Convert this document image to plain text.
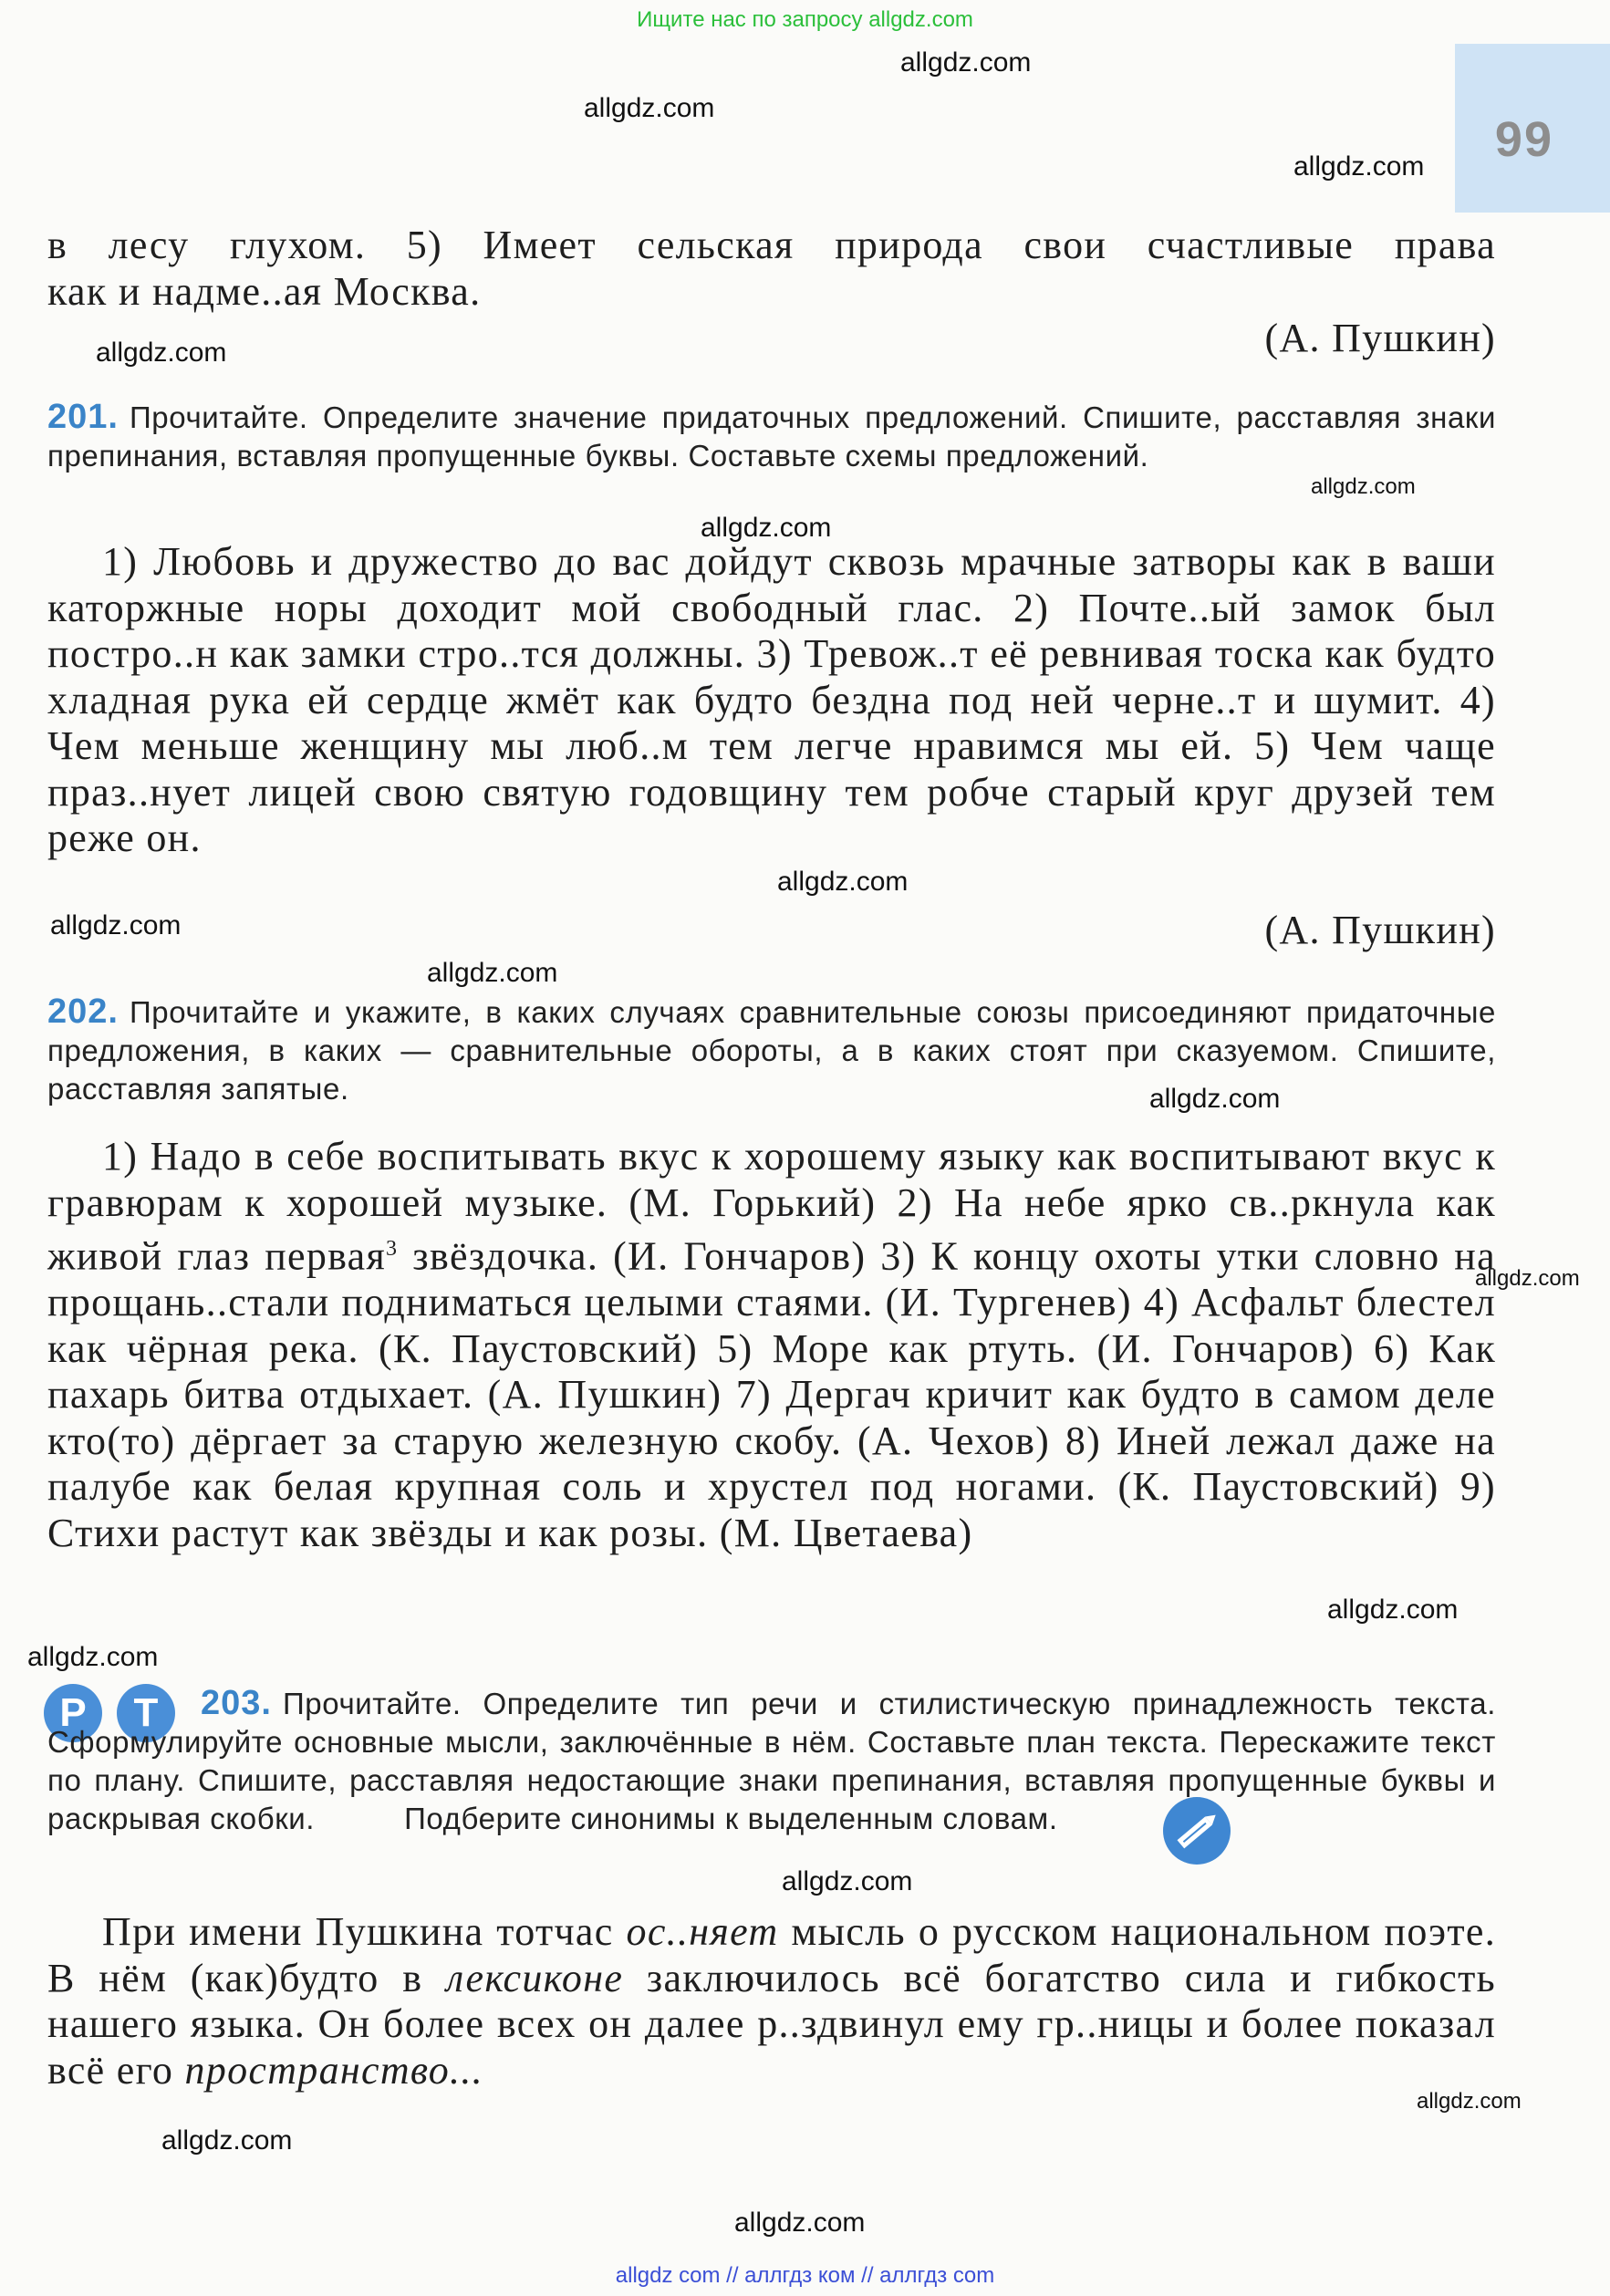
Ищите нас по запросу allgdz.com
99
allgdz.com
allgdz.com
allgdz.com
allgdz.com
allgdz.com
allgdz.com
allgdz.com
allgdz.com
allgdz.com
allgdz.com
allgdz.com
allgdz.com
allgdz.com
allgdz.com
allgdz.com
allgdz.com
allgdz.com
в лесу глухом. 5) Имеет сельская природа свои счастливые права
как и надме..ая Москва.
(А. Пушкин)
201. Прочитайте. Определите значение придаточных предложений. Спишите, расставляя знаки препинания, вставляя пропущенные буквы. Составьте схемы предложений.
1) Любовь и дружество до вас дойдут сквозь мрачные затворы как в ваши каторжные норы доходит мой свободный глас. 2) Почте..ый замок был постро..н как замки стро..тся должны. 3) Тревож..т её ревнивая тоска как будто хладная рука ей сердце жмёт как будто бездна под ней черне..т и шумит. 4) Чем меньше женщину мы люб..м тем легче нравимся мы ей. 5) Чем чаще праз..нует лицей свою святую годовщину тем робче старый круг друзей тем реже он.
(А. Пушкин)
202. Прочитайте и укажите, в каких случаях сравнительные союзы присоединяют придаточные предложения, в каких — сравнительные обороты, а в каких стоят при сказуемом. Спишите, расставляя запятые.
1) Надо в себе воспитывать вкус к хорошему языку как воспитывают вкус к гравюрам к хорошей музыке. (М. Горький) 2) На небе ярко св..ркнула как живой глаз первая$^3$ звёздочка. (И. Гончаров) 3) К концу охоты утки словно на прощань..стали подниматься целыми стаями. (И. Тургенев) 4) Асфальт блестел как чёрная река. (К. Паустовский) 5) Море как ртуть. (И. Гончаров) 6) Как пахарь битва отдыхает. (А. Пушкин) 7) Дергач кричит как будто в самом деле кто(то) дёргает за старую железную скобу. (А. Чехов) 8) Иней лежал даже на палубе как белая крупная соль и хрустел под ногами. (К. Паустовский) 9) Стихи растут как звёзды и как розы. (М. Цветаева)
Р	Т	203. Прочитайте. Определите тип речи и стилистическую принадлежность текста. Сформулируйте основные мысли, заключённые в нём. Составьте план текста. Перескажите текст по плану. Спишите, расставляя недостающие знаки препинания, вставляя пропущенные буквы и раскрывая скобки.	Подберите синонимы к выделенным словам.
При имени Пушкина тотчас ос..няет мысль о русском национальном поэте. В нём (как)будто в лексиконе заключилось всё богатство сила и гибкость нашего языка. Он более всех он далее р..здвинул ему гр..ницы и более показал всё его пространство...
allgdz com // аллгдз ком // аллгдз com
